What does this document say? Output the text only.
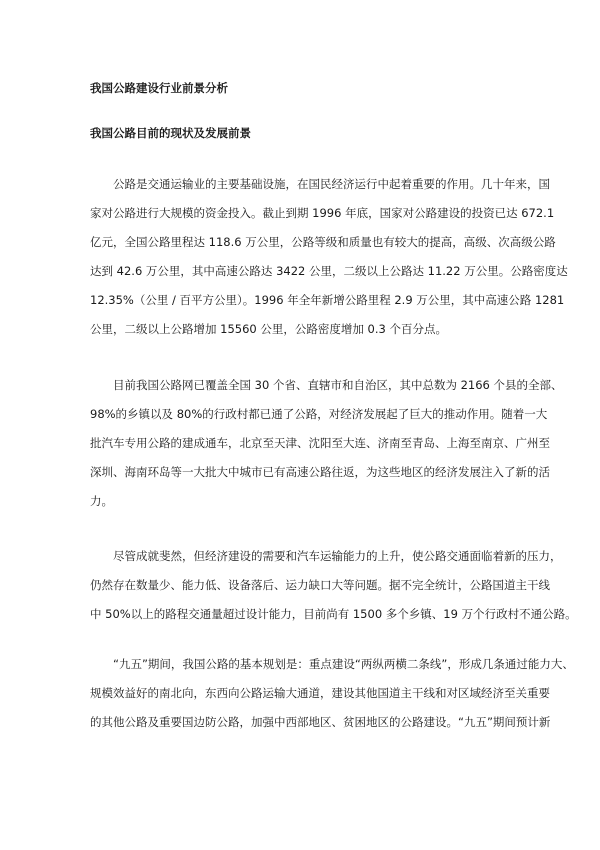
我国公路建设行业前景分析
我国公路目前的现状及发展前景
公路是交通运输业的主要基础设施，在国民经济运行中起着重要的作用。几十年来，国
家对公路进行大规模的资金投入。截止到期 1996 年底，国家对公路建设的投资已达 672.1
亿元，全国公路里程达 118.6 万公里，公路等级和质量也有较大的提高，高级、次高级公路
达到 42.6 万公里，其中高速公路达 3422 公里，二级以上公路达 11.22 万公里。公路密度达
12.35%（公里 / 百平方公里）。1996 年全年新增公路里程 2.9 万公里，其中高速公路 1281
公里，二级以上公路增加 15560 公里，公路密度增加 0.3 个百分点。
目前我国公路网已覆盖全国 30 个省、直辖市和自治区，其中总数为 2166 个县的全部、
98%的乡镇以及 80%的行政村都已通了公路，对经济发展起了巨大的推动作用。随着一大
批汽车专用公路的建成通车，北京至天津、沈阳至大连、济南至青岛、上海至南京、广州至
深圳、海南环岛等一大批大中城市已有高速公路往返，为这些地区的经济发展注入了新的活
力。
尽管成就斐然，但经济建设的需要和汽车运输能力的上升，使公路交通面临着新的压力，
仍然存在数量少、能力低、设备落后、运力缺口大等问题。据不完全统计，公路国道主干线
中 50%以上的路程交通量超过设计能力，目前尚有 1500 多个乡镇、19 万个行政村不通公路。
“九五”期间，我国公路的基本规划是：重点建设“两纵两横二条线”，形成几条通过能力大、
规模效益好的南北向，东西向公路运输大通道，建设其他国道主干线和对区域经济至关重要
的其他公路及重要国边防公路，加强中西部地区、贫困地区的公路建设。“九五”期间预计新
